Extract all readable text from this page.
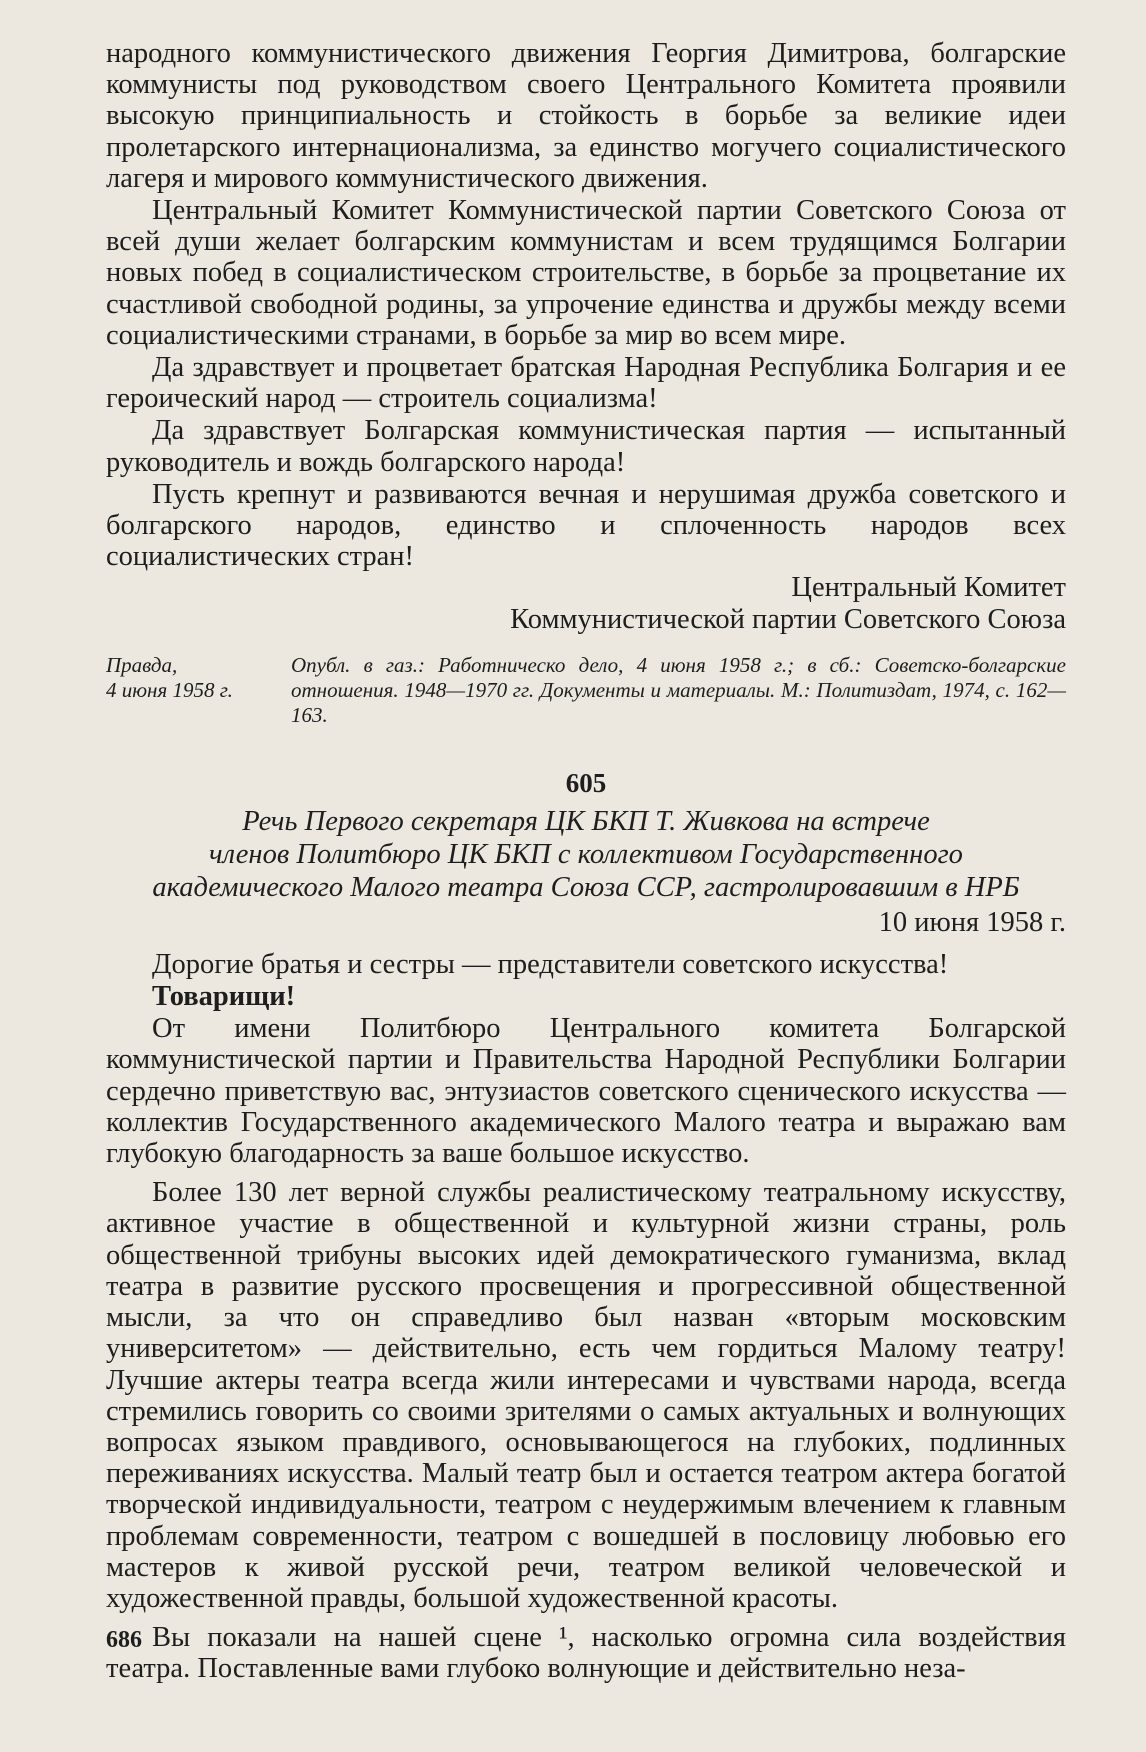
народного коммунистического движения Георгия Димитрова, болгарские коммунисты под руководством своего Центрального Комитета проявили высокую принципиальность и стойкость в борьбе за великие идеи пролетарского интернационализма, за единство могучего социалистического лагеря и мирового коммунистического движения.

Центральный Комитет Коммунистической партии Советского Союза от всей души желает болгарским коммунистам и всем трудящимся Болгарии новых побед в социалистическом строительстве, в борьбе за процветание их счастливой свободной родины, за упрочение единства и дружбы между всеми социалистическими странами, в борьбе за мир во всем мире.

Да здравствует и процветает братская Народная Республика Болгария и ее героический народ — строитель социализма!

Да здравствует Болгарская коммунистическая партия — испытанный руководитель и вождь болгарского народа!

Пусть крепнут и развиваются вечная и нерушимая дружба советского и болгарского народов, единство и сплоченность народов всех социалистических стран!

Центральный Комитет

Коммунистической партии Советского Союза

Правда,
4 июня 1958 г.
Опубл. в газ.: Работническо дело, 4 июня 1958 г.; в сб.: Советско-болгарские отношения. 1948—1970 гг. Документы и материалы. М.: Политиздат, 1974, с. 162—163.
605

Речь Первого секретаря ЦК БКП Т. Живкова на встрече

членов Политбюро ЦК БКП с коллективом Государственного

академического Малого театра Союза ССР, гастролировавшим в НРБ

10 июня 1958 г.

Дорогие братья и сестры — представители советского искусства!

Товарищи!

От имени Политбюро Центрального комитета Болгарской коммунистической партии и Правительства Народной Республики Болгарии сердечно приветствую вас, энтузиастов советского сценического искусства — коллектив Государственного академического Малого театра и выражаю вам глубокую благодарность за ваше большое искусство.

Более 130 лет верной службы реалистическому театральному искусству, активное участие в общественной и культурной жизни страны, роль общественной трибуны высоких идей демократического гуманизма, вклад театра в развитие русского просвещения и прогрессивной общественной мысли, за что он справедливо был назван «вторым московским университетом» — действительно, есть чем гордиться Малому театру! Лучшие актеры театра всегда жили интересами и чувствами народа, всегда стремились говорить со своими зрителями о самых актуальных и волнующих вопросах языком правдивого, основывающегося на глубоких, подлинных переживаниях искусства. Малый театр был и остается театром актера богатой творческой индивидуальности, театром с неудержимым влечением к главным проблемам современности, театром с вошедшей в пословицу любовью его мастеров к живой русской речи, театром великой человеческой и художественной правды, большой художественной красоты.

Вы показали на нашей сцене ¹, насколько огромна сила воздействия театра. Поставленные вами глубоко волнующие и действительно неза-

686
